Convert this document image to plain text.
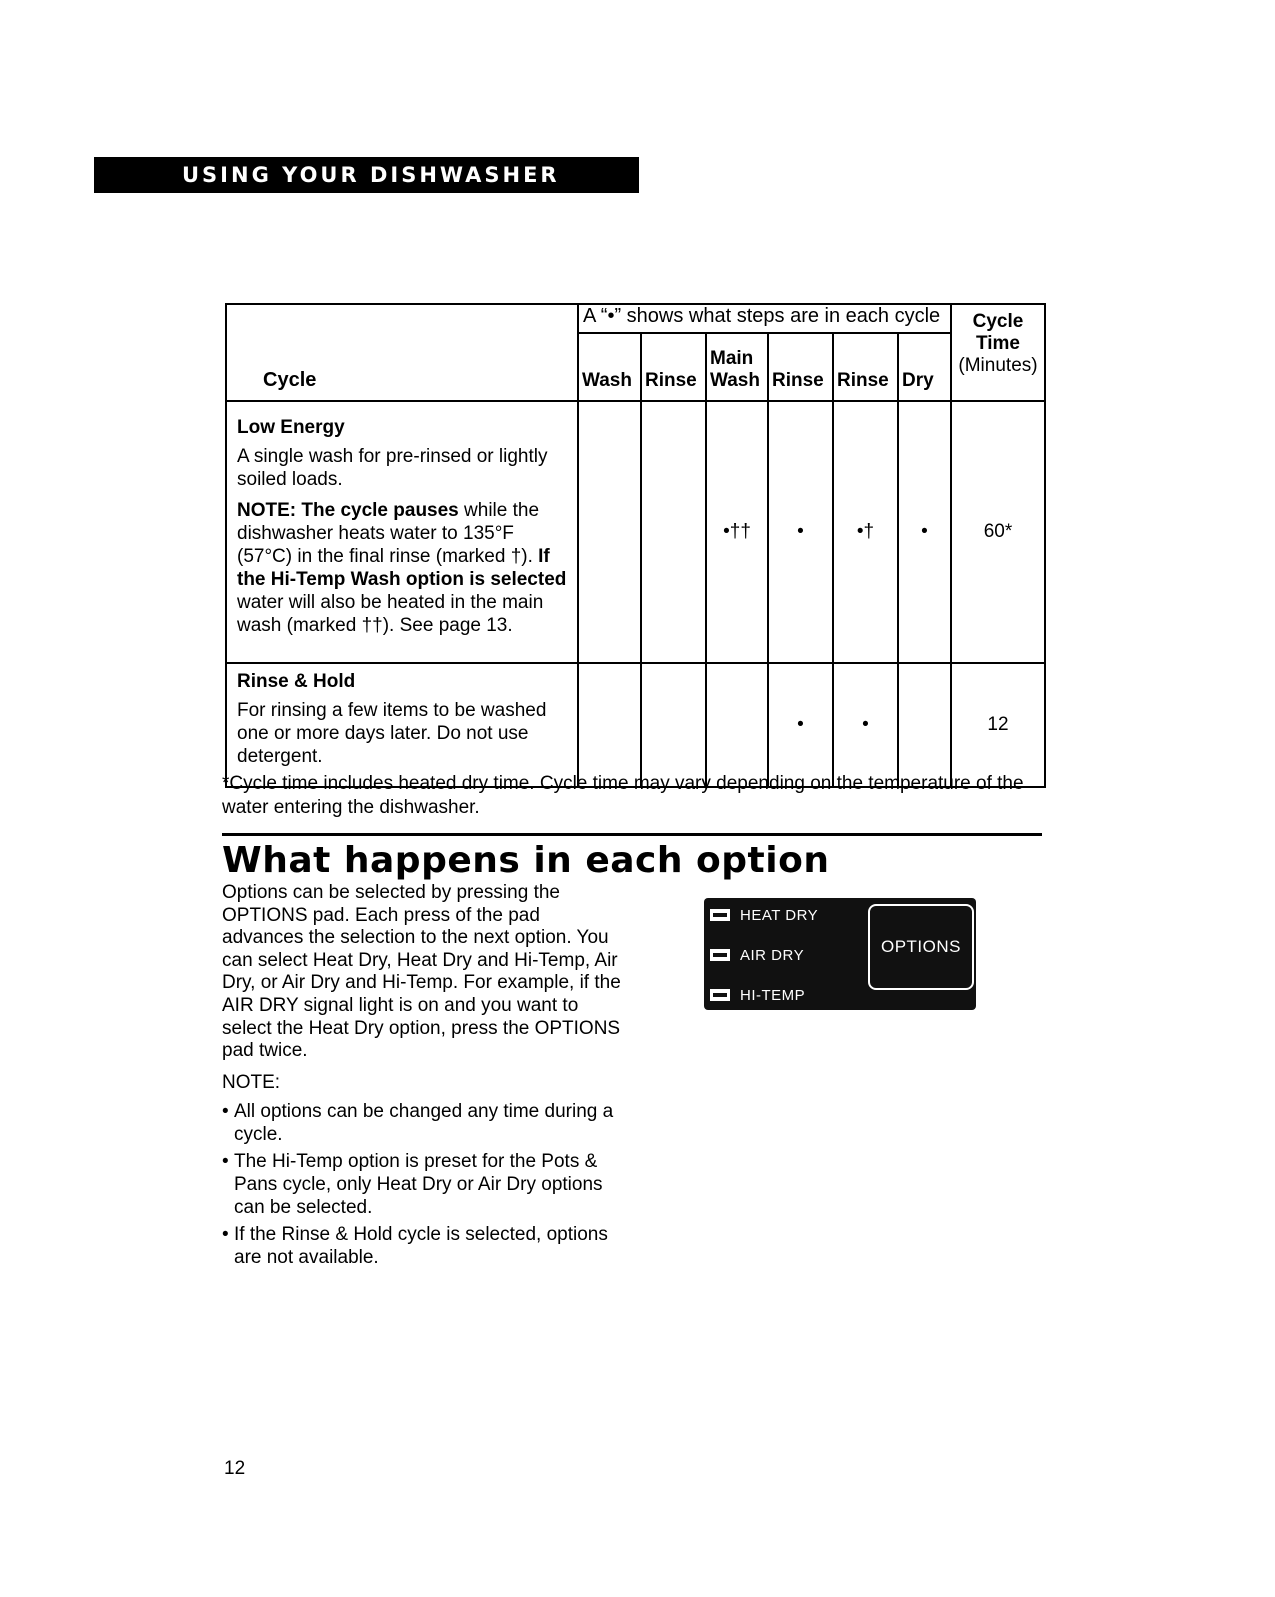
USING YOUR DISHWASHER
Cycle	A “•” shows what steps are in each cycle						Cycle
Time
(Minutes)

	Wash	Rinse	Main Wash	Rinse	Rinse	Dry	

Low Energy

A single wash for pre-rinsed or lightly soiled loads.

NOTE: The cycle pauses while the dishwasher heats water to 135°F (57°C) in the final rinse (marked †). If the Hi-Temp Wash option is selected water will also be heated in the main wash (marked ††). See page 13.			•††	•	•†	•	60*

Rinse & Hold

For rinsing a few items to be washed one or more days later. Do not use detergent.				•	•		12
*Cycle time includes heated dry time. Cycle time may vary depending on the temperature of the water entering the dishwasher.
What happens in each option
Options can be selected by pressing the OPTIONS pad. Each press of the pad advances the selection to the next option. You can select Heat Dry, Heat Dry and Hi-Temp, Air Dry, or Air Dry and Hi-Temp. For example, if the AIR DRY signal light is on and you want to select the Heat Dry option, press the OPTIONS pad twice.
NOTE:
• All options can be changed any time during a cycle.
• The Hi-Temp option is preset for the Pots & Pans cycle, only Heat Dry or Air Dry options can be selected.
• If the Rinse & Hold cycle is selected, options are not available.
HEAT DRY
AIR DRY
HI-TEMP
OPTIONS
12
